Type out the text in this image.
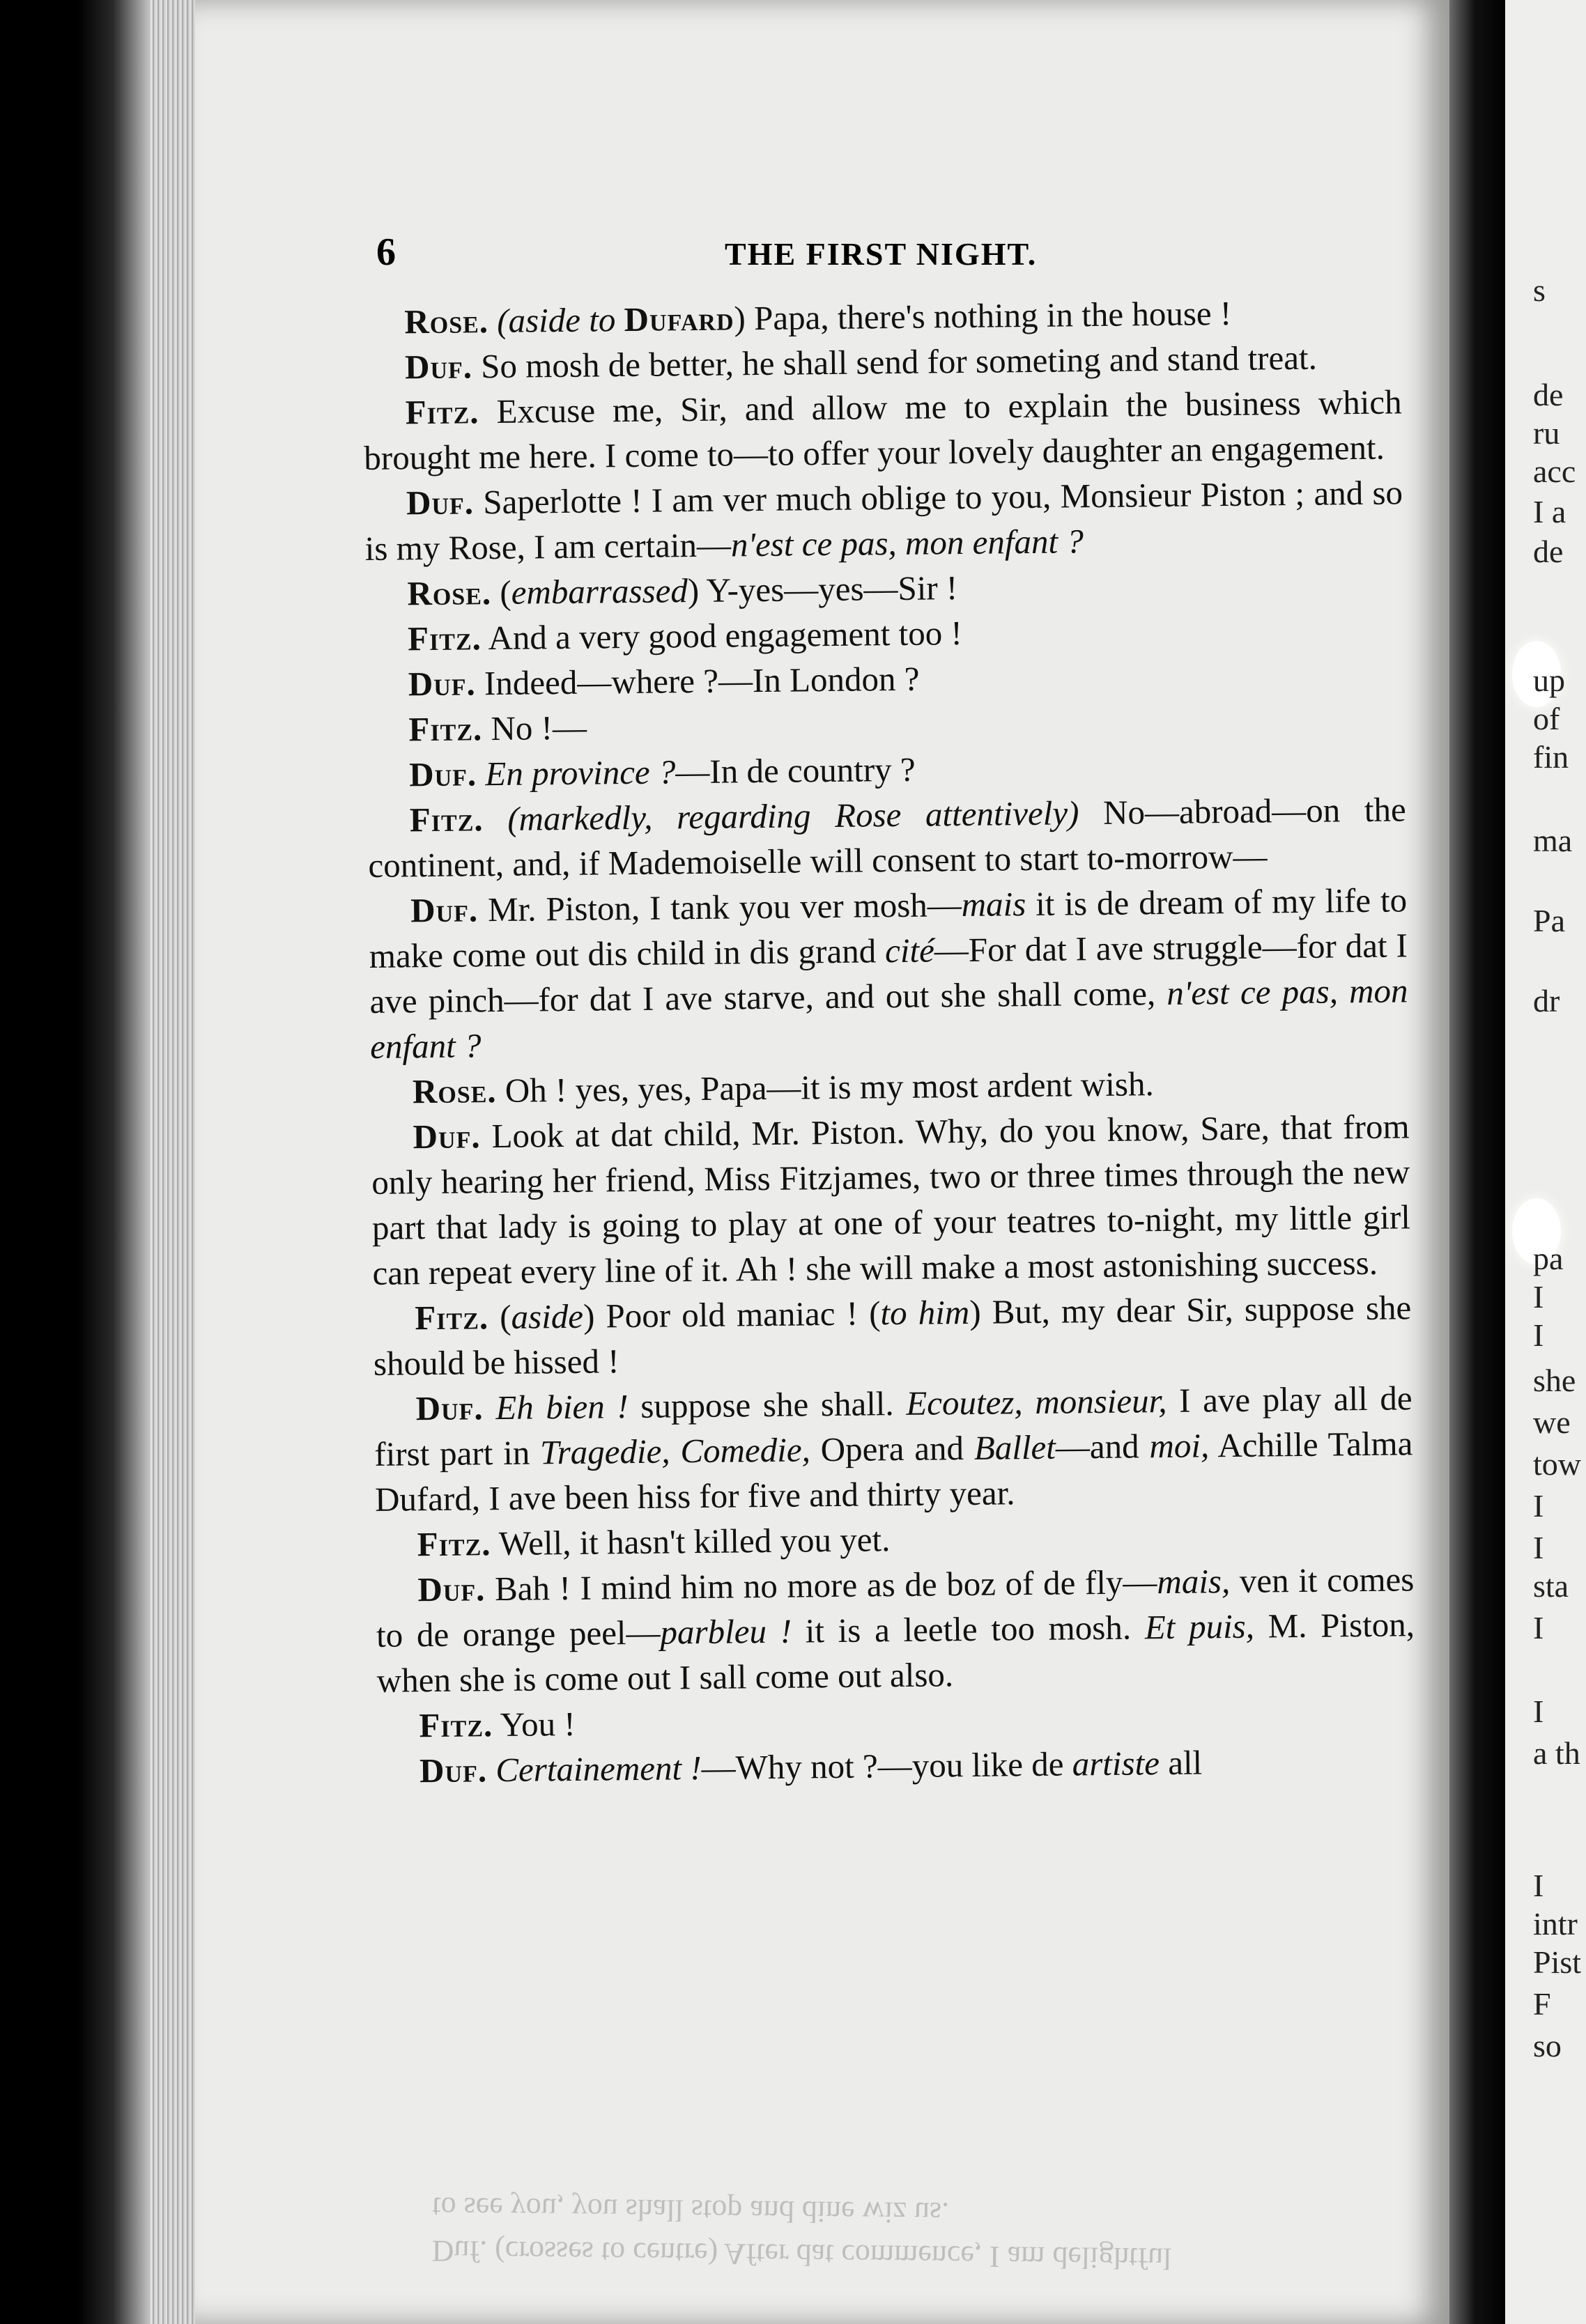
6	THE FIRST NIGHT.

Rose. (aside to Dufard) Papa, there's nothing in the house !

Duf. So mosh de better, he shall send for someting and stand treat.

Fitz. Excuse me, Sir, and allow me to explain the business which brought me here. I come to—to offer your lovely daughter an engagement.

Duf. Saperlotte ! I am ver much oblige to you, Monsieur Piston ; and so is my Rose, I am certain—n'est ce pas, mon enfant ?

Rose. (embarrassed) Y-yes—yes—Sir !

Fitz. And a very good engagement too !

Duf. Indeed—where ?—In London ?

Fitz. No !—

Duf. En province ?—In de country ?

Fitz. (markedly, regarding Rose attentively) No—abroad—on the continent, and, if Mademoiselle will consent to start to-morrow—

Duf. Mr. Piston, I tank you ver mosh—mais it is de dream of my life to make come out dis child in dis grand cité—For dat I ave struggle—for dat I ave pinch—for dat I ave starve, and out she shall come, n'est ce pas, mon enfant ?

Rose. Oh ! yes, yes, Papa—it is my most ardent wish.

Duf. Look at dat child, Mr. Piston. Why, do you know, Sare, that from only hearing her friend, Miss Fitzjames, two or three times through the new part that lady is going to play at one of your teatres to-night, my little girl can repeat every line of it. Ah ! she will make a most astonishing success.

Fitz. (aside) Poor old maniac ! (to him) But, my dear Sir, suppose she should be hissed !

Duf. Eh bien ! suppose she shall. Ecoutez, monsieur, I ave play all de first part in Tragedie, Comedie, Opera and Ballet—and moi, Achille Talma Dufard, I ave been hiss for five and thirty year.

Fitz. Well, it hasn't killed you yet.

Duf. Bah ! I mind him no more as de boz of de fly—mais, ven it comes to de orange peel—parbleu ! it is a leetle too mosh. Et puis, M. Piston, when she is come out I sall come out also.

Fitz. You !

Duf. Certainement !—Why not ?—you like de artiste all

Duf. (crosses to centre) After dat commence, I am delightful
to see you, you shall stop and dine wiz us.
s
de
ru
acc
I a
de
up
of
fin
ma
Pa
dr
pa
I
I
she
we
tow
I
I
sta
I
I
a th
I
intr
Pist
F
so
